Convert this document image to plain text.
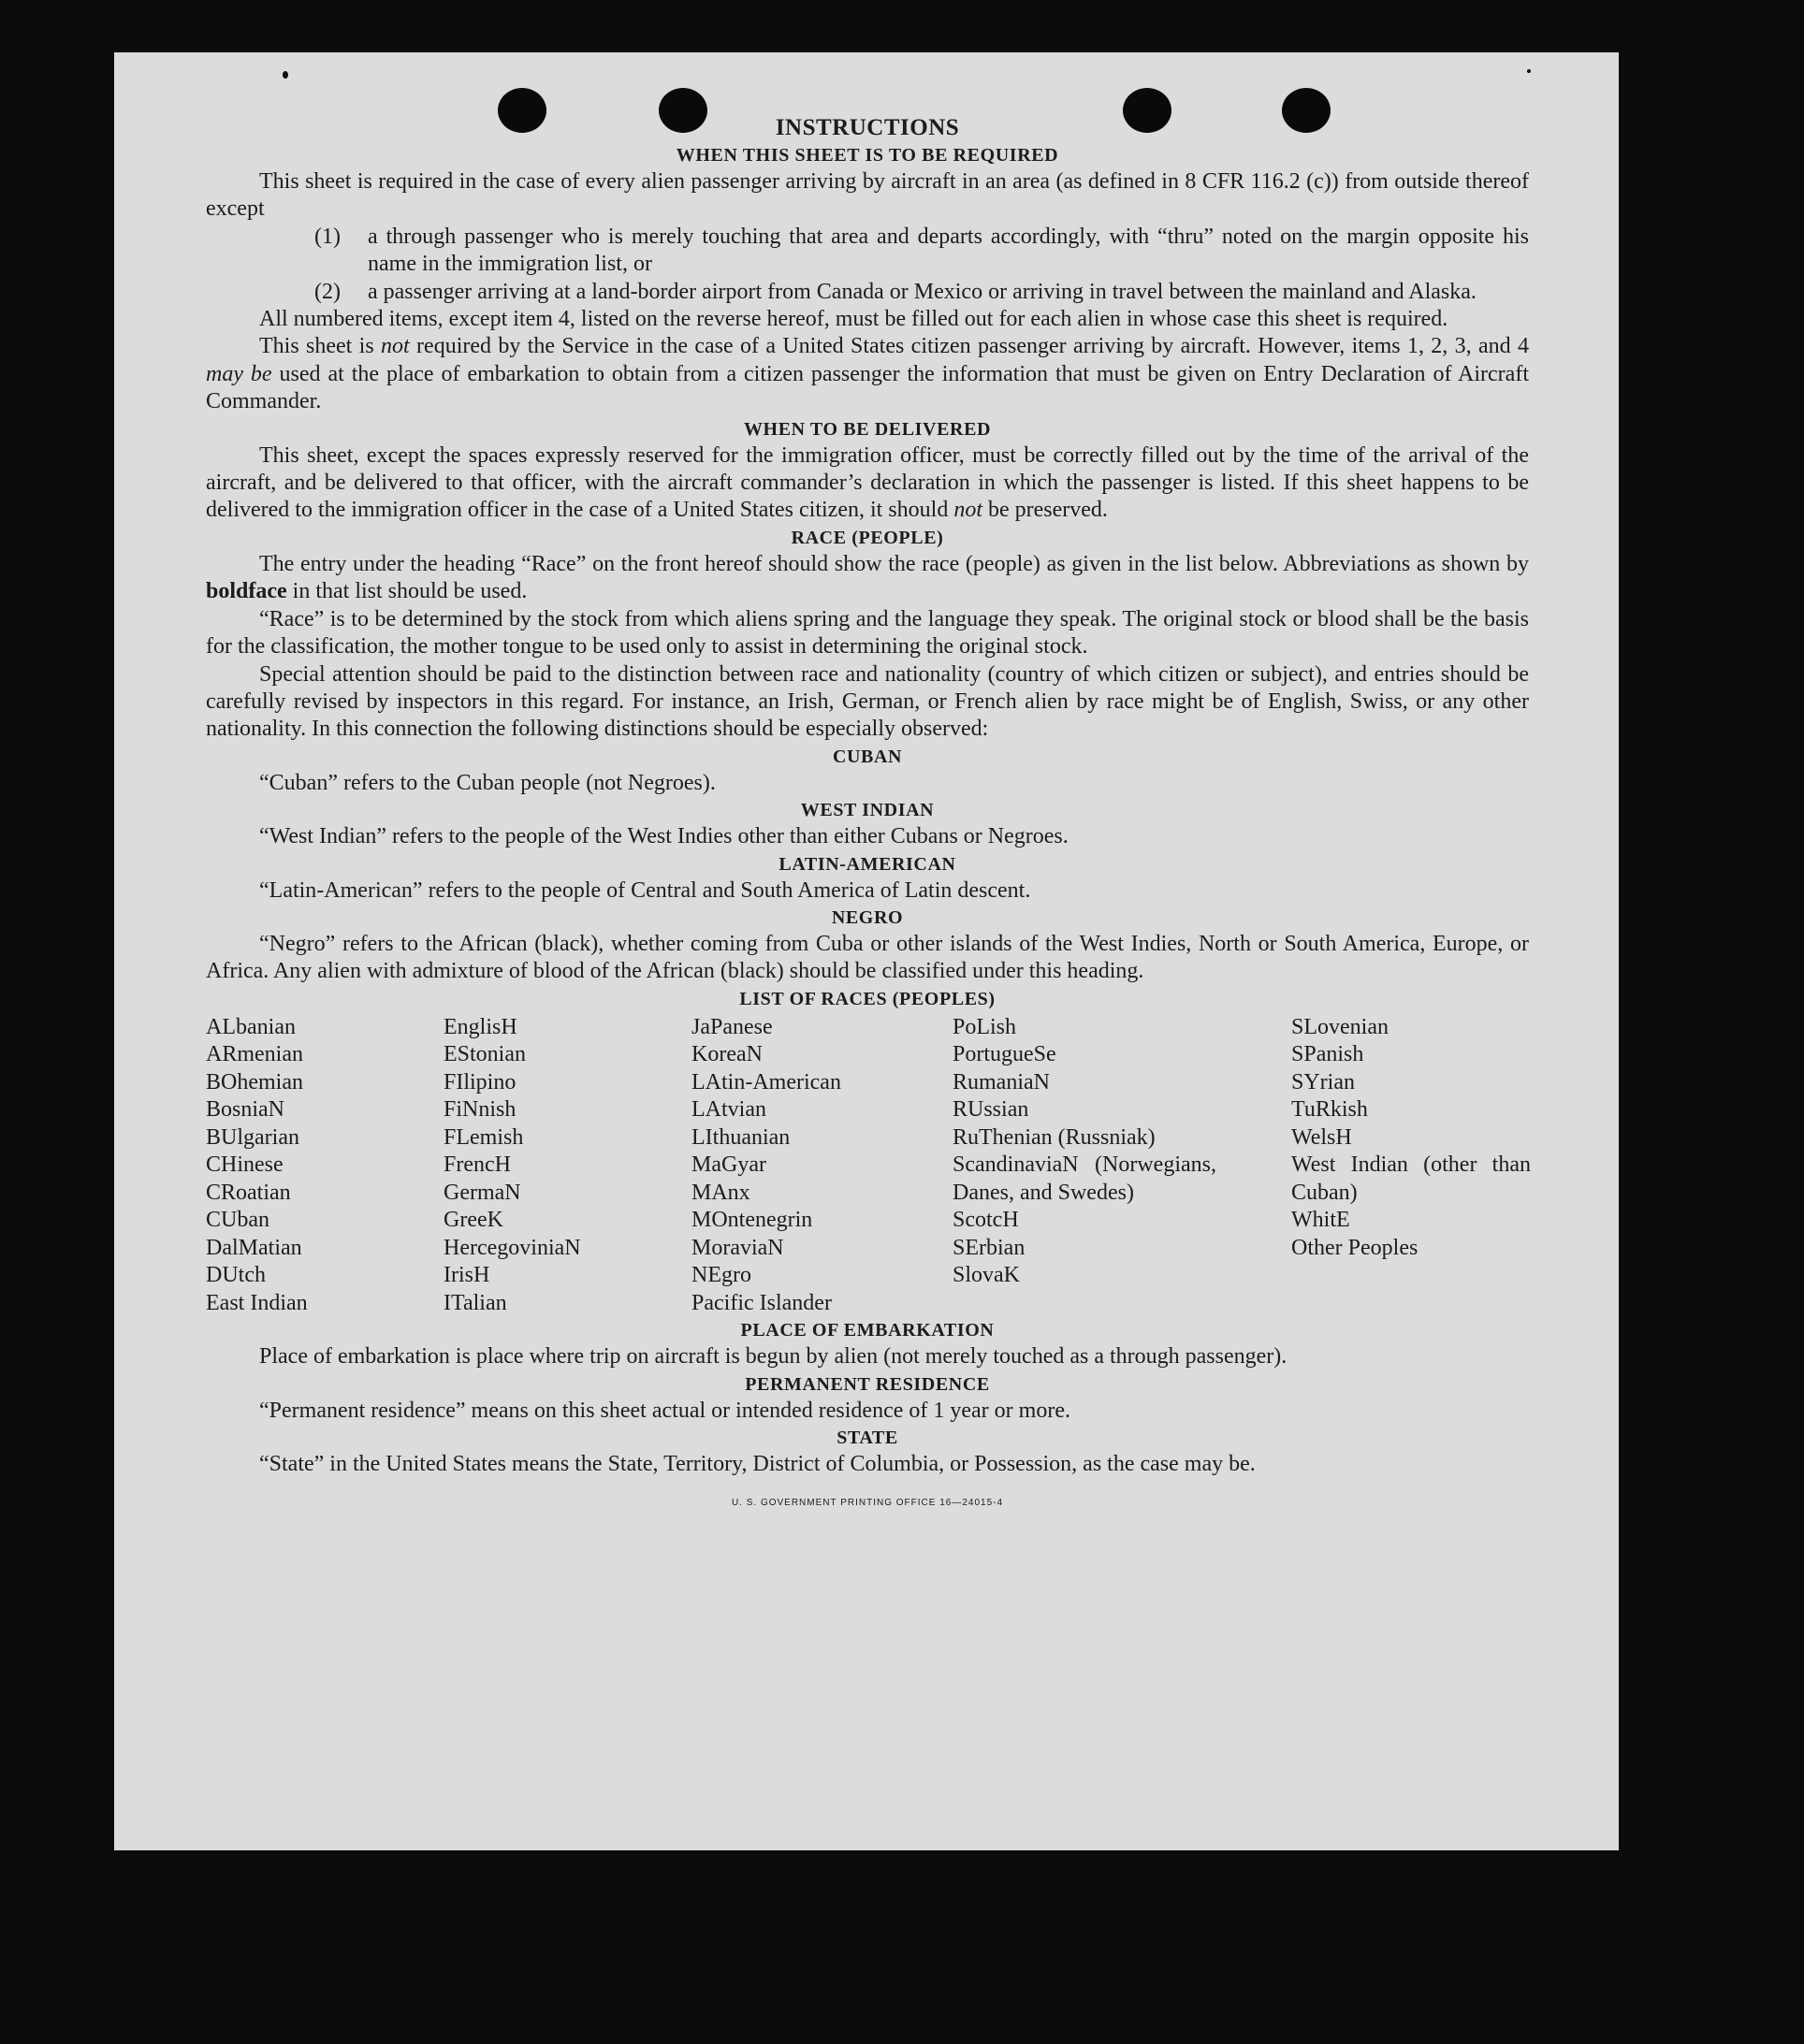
INSTRUCTIONS
WHEN THIS SHEET IS TO BE REQUIRED

This sheet is required in the case of every alien passenger arriving by aircraft in an area (as defined in 8 CFR 116.2 (c)) from outside thereof except

(1)	a through passenger who is merely touching that area and departs accordingly, with “thru” noted on the margin opposite his name in the immigration list, or
(2)	a passenger arriving at a land-border airport from Canada or Mexico or arriving in travel between the mainland and Alaska.

All numbered items, except item 4, listed on the reverse hereof, must be filled out for each alien in whose case this sheet is required.

This sheet is not required by the Service in the case of a United States citizen passenger arriving by aircraft. However, items 1, 2, 3, and 4 may be used at the place of embarkation to obtain from a citizen passenger the information that must be given on Entry Declaration of Aircraft Commander.

WHEN TO BE DELIVERED

This sheet, except the spaces expressly reserved for the immigration officer, must be correctly filled out by the time of the arrival of the aircraft, and be delivered to that officer, with the aircraft commander’s declaration in which the passenger is listed. If this sheet happens to be delivered to the immigration officer in the case of a United States citizen, it should not be preserved.

RACE (PEOPLE)

The entry under the heading “Race” on the front hereof should show the race (people) as given in the list below. Abbreviations as shown by boldface in that list should be used.

“Race” is to be determined by the stock from which aliens spring and the language they speak. The original stock or blood shall be the basis for the classification, the mother tongue to be used only to assist in determining the original stock.

Special attention should be paid to the distinction between race and nationality (country of which citizen or subject), and entries should be carefully revised by inspectors in this regard. For instance, an Irish, German, or French alien by race might be of English, Swiss, or any other nationality. In this connection the following distinctions should be especially observed:

CUBAN

“Cuban” refers to the Cuban people (not Negroes).

WEST INDIAN

“West Indian” refers to the people of the West Indies other than either Cubans or Negroes.

LATIN-AMERICAN

“Latin-American” refers to the people of Central and South America of Latin descent.

NEGRO

“Negro” refers to the African (black), whether coming from Cuba or other islands of the West Indies, North or South America, Europe, or Africa. Any alien with admixture of blood of the African (black) should be classified under this heading.

LIST OF RACES (PEOPLES)
ALbanian
ARmenian
BOhemian
BosniaN
BUlgarian
CHinese
CRoatian
CUban
DalMatian
DUtch
East Indian
EnglisH
EStonian
FIlipino
FiNnish
FLemish
FrencH
GermaN
GreeK
HercegoviniaN
IrisH
ITalian
JaPanese
KoreaN
LAtin-American
LAtvian
LIthuanian
MaGyar
MAnx
MOntenegrin
MoraviaN
NEgro
Pacific Islander
PoLish
PortugueSe
RumaniaN
RUssian
RuThenian (Russniak)
ScandinaviaN (Norwegians, Danes, and Swedes)
ScotcH
SErbian
SlovaK
SLovenian
SPanish
SYrian
TuRkish
WelsH
West Indian (other than Cuban)
WhitE
Other Peoples
PLACE OF EMBARKATION

Place of embarkation is place where trip on aircraft is begun by alien (not merely touched as a through passenger).

PERMANENT RESIDENCE

“Permanent residence” means on this sheet actual or intended residence of 1 year or more.

STATE

“State” in the United States means the State, Territory, District of Columbia, or Possession, as the case may be.

U. S. GOVERNMENT PRINTING OFFICE 16—24015-4
